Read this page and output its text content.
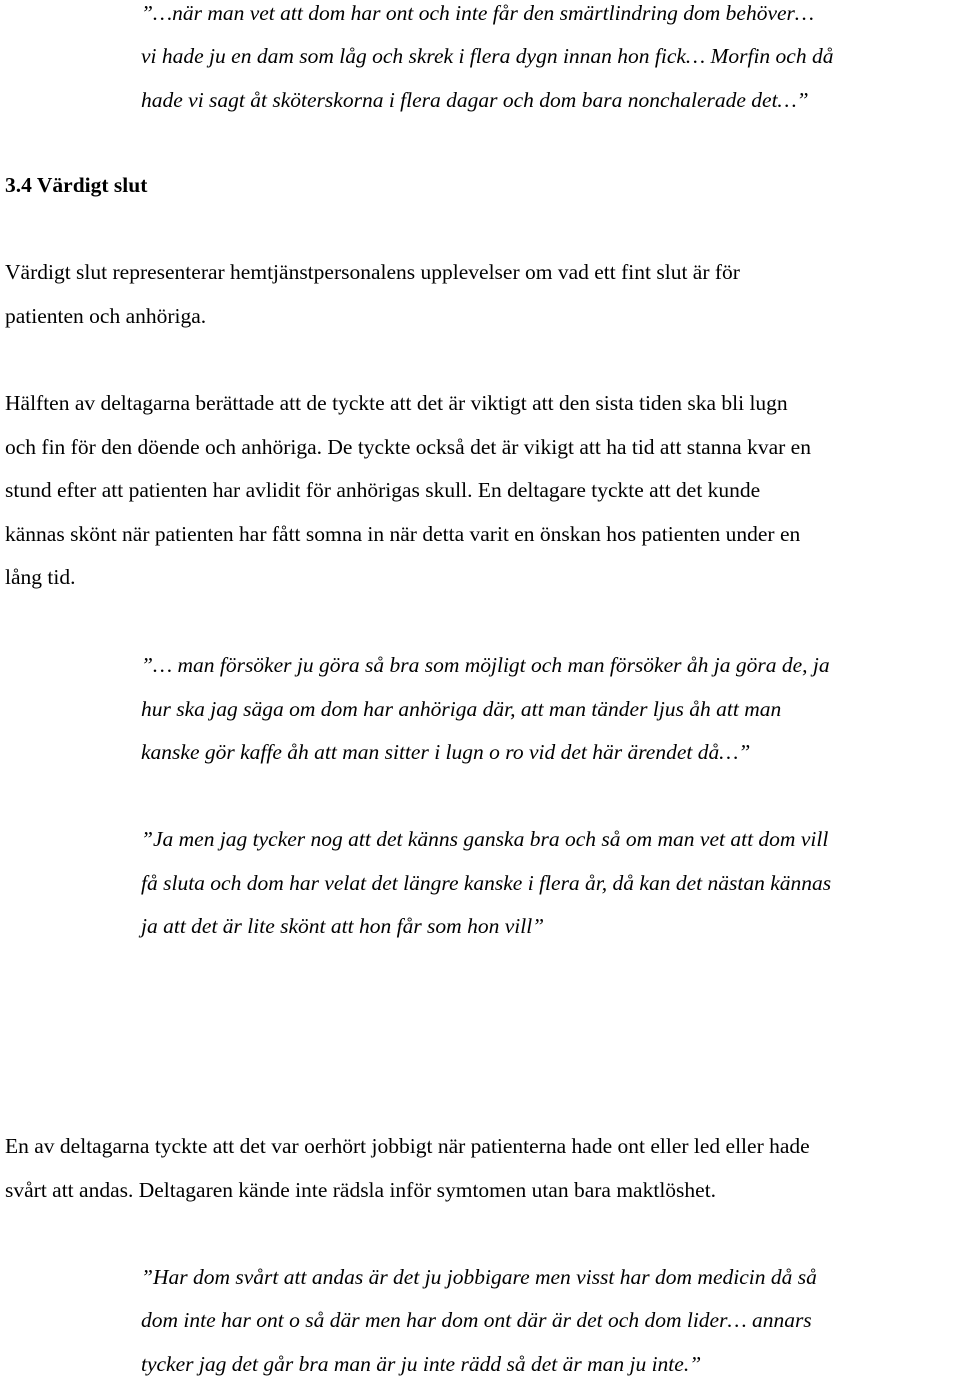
”…när man vet att dom har ont och inte får den smärtlindring dom behöver…
vi hade ju en dam som låg och skrek i flera dygn innan hon fick… Morfin och då
hade vi sagt åt sköterskorna i flera dagar och dom bara nonchalerade det…”
3.4 Värdigt slut
Värdigt slut representerar hemtjänstpersonalens upplevelser om vad ett fint slut är för
patienten och anhöriga.
Hälften av deltagarna berättade att de tyckte att det är viktigt att den sista tiden ska bli lugn
och fin för den döende och anhöriga. De tyckte också det är vikigt att ha tid att stanna kvar en
stund efter att patienten har avlidit för anhörigas skull. En deltagare tyckte att det kunde
kännas skönt när patienten har fått somna in när detta varit en önskan hos patienten under en
lång tid.
”… man försöker ju göra så bra som möjligt och man försöker åh ja göra de, ja
hur ska jag säga om dom har anhöriga där, att man tänder ljus åh att man
kanske gör kaffe åh att man sitter i lugn o ro vid det här ärendet då…”
”Ja men jag tycker nog att det känns ganska bra och så om man vet att dom vill
få sluta och dom har velat det längre kanske i flera år, då kan det nästan kännas
ja att det är lite skönt att hon får som hon vill”
En av deltagarna tyckte att det var oerhört jobbigt när patienterna hade ont eller led eller hade
svårt att andas. Deltagaren kände inte rädsla inför symtomen utan bara maktlöshet.
”Har dom svårt att andas är det ju jobbigare men visst har dom medicin då så
dom inte har ont o så där men har dom ont där är det och dom lider… annars
tycker jag det går bra man är ju inte rädd så det är man ju inte.”
